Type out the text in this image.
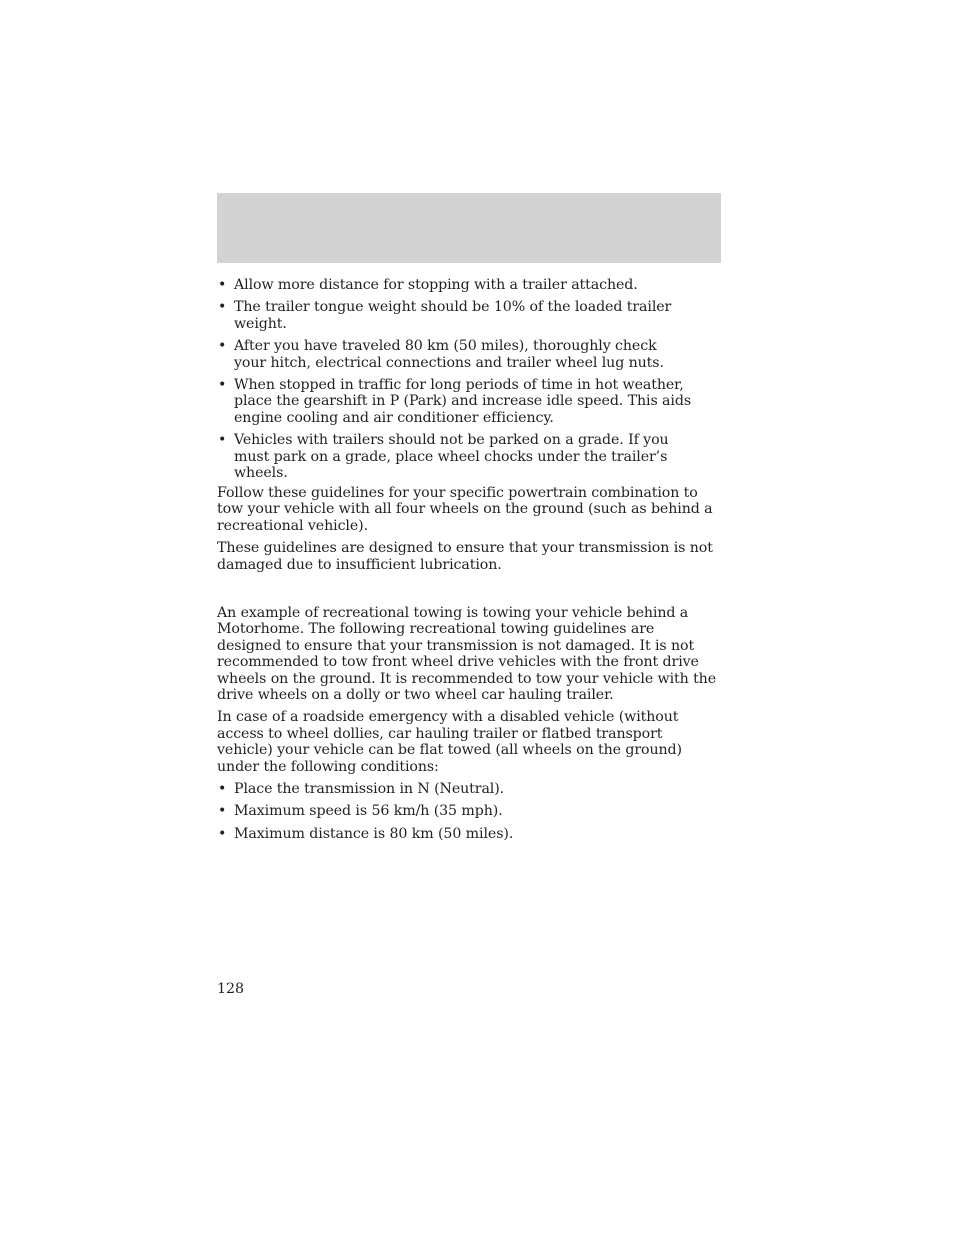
• Allow more distance for stopping with a trailer attached.
• The trailer tongue weight should be 10% of the loaded trailer weight.
• After you have traveled 80 km (50 miles), thoroughly check your hitch, electrical connections and trailer wheel lug nuts.
• When stopped in traffic for long periods of time in hot weather, place the gearshift in P (Park) and increase idle speed. This aids engine cooling and air conditioner efficiency.
• Vehicles with trailers should not be parked on a grade. If you must park on a grade, place wheel chocks under the trailer’s wheels.

Follow these guidelines for your specific powertrain combination to tow your vehicle with all four wheels on the ground (such as behind a recreational vehicle).

These guidelines are designed to ensure that your transmission is not damaged due to insufficient lubrication.

An example of recreational towing is towing your vehicle behind a Motorhome. The following recreational towing guidelines are designed to ensure that your transmission is not damaged. It is not recommended to tow front wheel drive vehicles with the front drive wheels on the ground. It is recommended to tow your vehicle with the drive wheels on a dolly or two wheel car hauling trailer.

In case of a roadside emergency with a disabled vehicle (without access to wheel dollies, car hauling trailer or flatbed transport vehicle) your vehicle can be flat towed (all wheels on the ground) under the following conditions:

• Place the transmission in N (Neutral).
• Maximum speed is 56 km/h (35 mph).
• Maximum distance is 80 km (50 miles).
128
